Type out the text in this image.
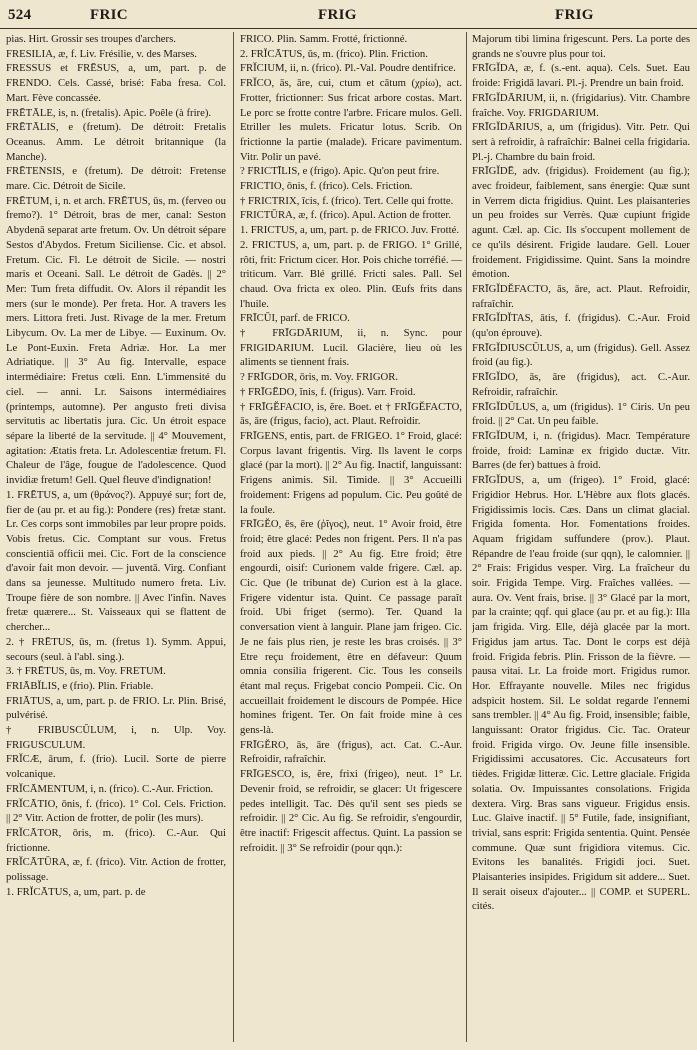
524	FRIC	FRIG	FRIG

pias. Hirt. Grossir ses troupes d'archers.

FRESILIA, æ, f. Liv. Frésilie, v. des Marses.

FRESSUS et FRĒSUS, a, um, part. p. de FRENDO. Cels. Cassé, brisé: Faba fresa. Col. Mart. Fève concassée.

FRĒTĀLE, is, n. (fretalis). Apic. Poêle (à frire).

FRĒTĀLIS, e (fretum). De détroit: Fretalis Oceanus. Amm. Le détroit britannique (la Manche).

FRĒTENSIS, e (fretum). De détroit: Fretense mare. Cic. Détroit de Sicile.

FRĒTUM, i, n. et arch. FRĒTUS, ūs, m. (ferveo ou fremo?). 1° Détroit, bras de mer, canal: Seston Abydenā separat arte fretum. Ov. Un détroit sépare Sestos d'Abydos. Fretum Siciliense. Cic. et absol. Fretum. Cic. Fl. Le détroit de Sicile. — nostri maris et Oceani. Sall. Le détroit de Gadès. || 2° Mer: Tum freta diffudit. Ov. Alors il répandit les mers (sur le monde). Per freta. Hor. A travers les mers. Littora freti. Just. Rivage de la mer. Fretum Libycum. Ov. La mer de Libye. — Euxinum. Ov. Le Pont-Euxin. Freta Adriæ. Hor. La mer Adriatique. || 3° Au fig. Intervalle, espace intermédiaire: Fretus cœli. Enn. L'immensité du ciel. — anni. Lr. Saisons intermédiaires (printemps, automne). Per angusto freti divisa servitutis ac libertatis jura. Cic. Un étroit espace sépare la liberté de la servitude. || 4° Mouvement, agitation: Ætatis freta. Lr. Adolescentiæ fretum. Fl. Chaleur de l'âge, fougue de l'adolescence. Quod invidiæ fretum! Gell. Quel fleuve d'indignation!

1. FRĒTUS, a, um (θράνος?). Appuyé sur; fort de, fier de (au pr. et au fig.): Pondere (res) fretæ stant. Lr. Ces corps sont immobiles par leur propre poids. Vobis fretus. Cic. Comptant sur vous. Fretus conscientiā officii mei. Cic. Fort de la conscience d'avoir fait mon devoir. — juventā. Virg. Confiant dans sa jeunesse. Multitudo numero freta. Liv. Troupe fière de son nombre. || Avec l'infin. Naves fretæ quærere... St. Vaisseaux qui se flattent de chercher...

2. † FRĒTUS, ūs, m. (fretus 1). Symm. Appui, secours (seul. à l'abl. sing.).

3. † FRĒTUS, ūs, m. Voy. FRETUM.

FRIĀBĬLIS, e (frio). Plin. Friable.

FRIĀTUS, a, um, part. p. de FRIO. Lr. Plin. Brisé, pulvérisé.

† FRIBUSCŬLUM, i, n. Ulp. Voy. FRIGUSCULUM.

FRĬCÆ, ārum, f. (frio). Lucil. Sorte de pierre volcanique.

FRĬCĀMENTUM, i, n. (frico). C.-Aur. Friction.

FRĬCĀTIO, ōnis, f. (frico). 1° Col. Cels. Friction. || 2° Vitr. Action de frotter, de polir (les murs).

FRĬCĀTOR, ōris, m. (frico). C.-Aur. Qui frictionne.

FRĬCĀTŪRA, æ, f. (frico). Vitr. Action de frotter, polissage.

1. FRĬCĀTUS, a, um, part. p. de

FRICO. Plin. Samm. Frotté, frictionné.

2. FRĬCĀTUS, ūs, m. (frico). Plin. Friction.

FRĬCIUM, ii, n. (frico). Pl.-Val. Poudre dentifrice.

FRĬCO, ās, āre, cui, ctum et cātum (χρίω), act. Frotter, frictionner: Sus fricat arbore costas. Mart. Le porc se frotte contre l'arbre. Fricare mulos. Gell. Etriller les mulets. Fricatur lotus. Scrib. On frictionne la partie (malade). Fricare pavimentum. Vitr. Polir un pavé.

? FRICTĪLIS, e (frigo). Apic. Qu'on peut frire.

FRICTIO, ōnis, f. (frico). Cels. Friction.

† FRICTRIX, īcis, f. (frico). Tert. Celle qui frotte.

FRICTŪRA, æ, f. (frico). Apul. Action de frotter.

1. FRICTUS, a, um, part. p. de FRICO. Juv. Frotté.

2. FRICTUS, a, um, part. p. de FRIGO. 1° Grillé, rôti, frit: Frictum cicer. Hor. Pois chiche torréfié. — triticum. Varr. Blé grillé. Fricti sales. Pall. Sel chaud. Ova fricta ex oleo. Plin. Œufs frits dans l'huile.

FRĪCŪI, parf. de FRICO.

† FRĪGDĀRIUM, ii, n. Sync. pour FRIGIDARIUM. Lucil. Glacière, lieu où les aliments se tiennent frais.

? FRĪGDOR, ōris, m. Voy. FRIGOR.

† FRĪGĒDO, ĭnis, f. (frigus). Varr. Froid.

† FRĪGĔFACIO, is, ĕre. Boet. et † FRĪGĔFACTO, ās, āre (frigus, facio), act. Plaut. Refroidir.

FRĪGENS, entis, part. de FRIGEO. 1° Froid, glacé: Corpus lavant frigentis. Virg. Ils lavent le corps glacé (par la mort). || 2° Au fig. Inactif, languissant: Frigens animis. Sil. Timide. || 3° Accueilli froidement: Frigens ad populum. Cic. Peu goûté de la foule.

FRĪGĔO, ēs, ēre (ῥῖγος), neut. 1° Avoir froid, être froid; être glacé: Pedes non frigent. Pers. Il n'a pas froid aux pieds. || 2° Au fig. Etre froid; être engourdi, oisif: Curionem valde frigere. Cæl. ap. Cic. Que (le tribunat de) Curion est à la glace. Frigere videntur ista. Quint. Ce passage paraît froid. Ubi friget (sermo). Ter. Quand la conversation vient à languir. Plane jam frigeo. Cic. Je ne fais plus rien, je reste les bras croisés. || 3° Etre reçu froidement, être en défaveur: Quum omnia consilia frigerent. Cic. Tous les conseils étant mal reçus. Frigebat concio Pompeii. Cic. On accueillait froidement le discours de Pompée. Hice homines frigent. Ter. On fait froide mine à ces gens-là.

FRĪGĔRO, ās, āre (frigus), act. Cat. C.-Aur. Refroidir, rafraîchir.

FRĪGESCO, is, ĕre, frixi (frigeo), neut. 1° Lr. Devenir froid, se refroidir, se glacer: Ut frigescere pedes intelligit. Tac. Dès qu'il sent ses pieds se refroidir. || 2° Cic. Au fig. Se refroidir, s'engourdir, être inactif: Frigescit affectus. Quint. La passion se refroidit. || 3° Se refroidir (pour qqn.):

Majorum tibi limina frigescunt. Pers. La porte des grands ne s'ouvre plus pour toi.

FRĪGĬDA, æ, f. (s.-ent. aqua). Cels. Suet. Eau froide: Frigidā lavari. Pl.-j. Prendre un bain froid.

FRĪGĬDĀRIUM, ii, n. (frigidarius). Vitr. Chambre fraîche. Voy. FRIGDARIUM.

FRĪGĬDĀRIUS, a, um (frigidus). Vitr. Petr. Qui sert à refroidir, à rafraîchir: Balnei cella frigidaria. Pl.-j. Chambre du bain froid.

FRĪGĬDĒ, adv. (frigidus). Froidement (au fig.); avec froideur, faiblement, sans énergie: Quæ sunt in Verrem dicta frigidius. Quint. Les plaisanteries un peu froides sur Verrès. Quæ cupiunt frigide agunt. Cæl. ap. Cic. Ils s'occupent mollement de ce qu'ils désirent. Frigide laudare. Gell. Louer froidement. Frigidissime. Quint. Sans la moindre émotion.

FRĪGĬDĔFACTO, ās, āre, act. Plaut. Refroidir, rafraîchir.

FRĪGĬDĬTAS, ātis, f. (frigidus). C.-Aur. Froid (qu'on éprouve).

FRĪGĬDIUSCŬLUS, a, um (frigidus). Gell. Assez froid (au fig.).

FRĪGĬDO, ās, āre (frigidus), act. C.-Aur. Refroidir, rafraîchir.

FRĪGĬDŬLUS, a, um (frigidus). 1° Ciris. Un peu froid. || 2° Cat. Un peu faible.

FRĪGĬDUM, i, n. (frigidus). Macr. Température froide, froid: Laminæ ex frigido ductæ. Vitr. Barres (de fer) battues à froid.

FRĪGĬDUS, a, um (frigeo). 1° Froid, glacé: Frigidior Hebrus. Hor. L'Hèbre aux flots glacés. Frigidissimis locis. Cæs. Dans un climat glacial. Frigida fomenta. Hor. Fomentations froides. Aquam frigidam suffundere (prov.). Plaut. Répandre de l'eau froide (sur qqn), le calomnier. || 2° Frais: Frigidus vesper. Virg. La fraîcheur du soir. Frigida Tempe. Virg. Fraîches vallées. — aura. Ov. Vent frais, brise. || 3° Glacé par la mort, par la crainte; qqf. qui glace (au pr. et au fig.): Illa jam frigida. Virg. Elle, déjà glacée par la mort. Frigidus jam artus. Tac. Dont le corps est déjà froid. Frigida febris. Plin. Frisson de la fièvre. — pausa vitai. Lr. La froide mort. Frigidus rumor. Hor. Effrayante nouvelle. Miles nec frigidus adspicit hostem. Sil. Le soldat regarde l'ennemi sans trembler. || 4° Au fig. Froid, insensible; faible, languissant: Orator frigidus. Cic. Tac. Orateur froid. Frigida virgo. Ov. Jeune fille insensible. Frigidissimi accusatores. Cic. Accusateurs fort tièdes. Frigidæ litteræ. Cic. Lettre glaciale. Frigida solatia. Ov. Impuissantes consolations. Frigida dextera. Virg. Bras sans vigueur. Frigidus ensis. Luc. Glaive inactif. || 5° Futile, fade, insignifiant, trivial, sans esprit: Frigida sententia. Quint. Pensée commune. Quæ sunt frigidiora vitemus. Cic. Evitons les banalités. Frigidi joci. Suet. Plaisanteries insipides. Frigidum sit addere... Suet. Il serait oiseux d'ajouter... || COMP. et SUPERL. cités.
